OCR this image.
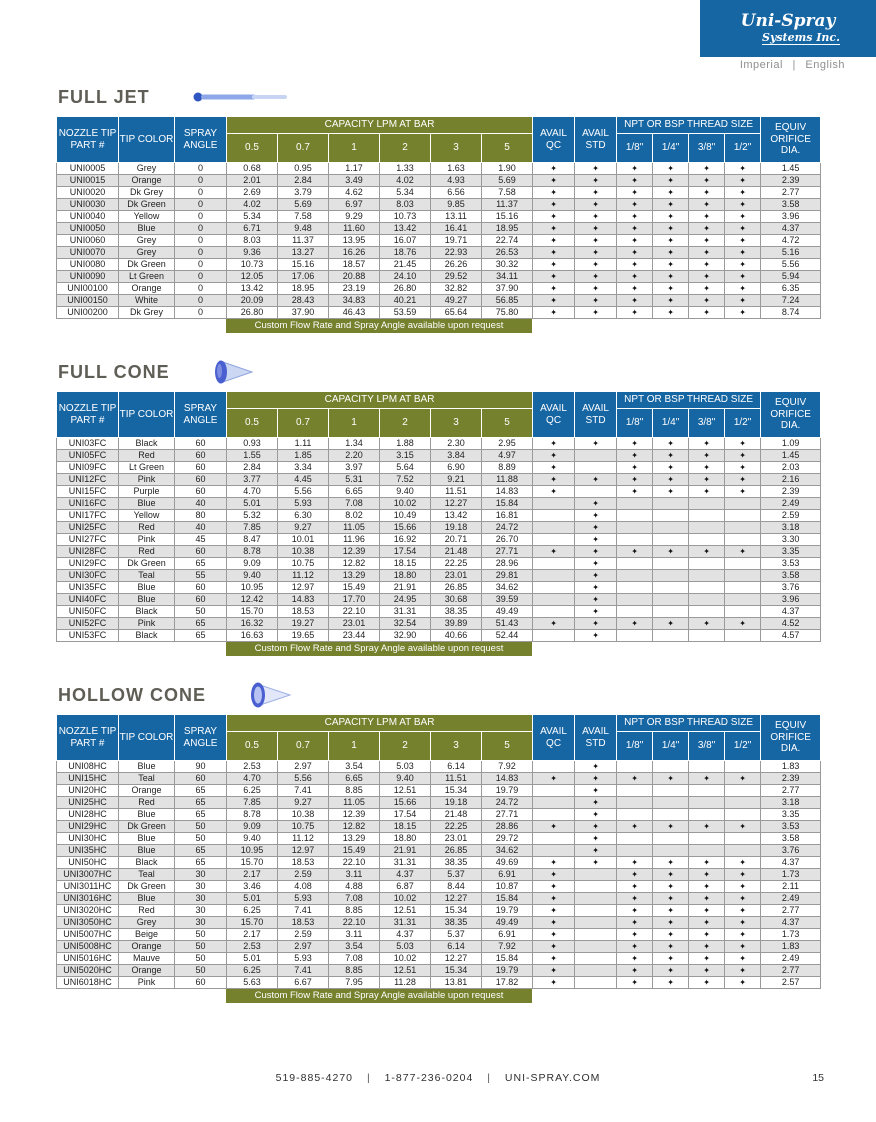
Uni-Spray
Systems Inc.
Imperial | English
FULL JET
NOZZLE TIP PART #	TIP COLOR	SPRAY ANGLE	CAPACITY LPM AT BAR						AVAIL QC	AVAIL STD	NPT OR BSP THREAD SIZE				EQUIV ORIFICE DIA.
			0.5	0.7	1	2	3	5			1/8"	1/4"	3/8"	1/2"	
UNI0005	Grey	0	0.68	0.95	1.17	1.33	1.63	1.90	✦	✦	✦	✦	✦	✦	1.45
UNI0015	Orange	0	2.01	2.84	3.49	4.02	4.93	5.69	✦	✦	✦	✦	✦	✦	2.39
UNI0020	Dk Grey	0	2.69	3.79	4.62	5.34	6.56	7.58	✦	✦	✦	✦	✦	✦	2.77
UNI0030	Dk Green	0	4.02	5.69	6.97	8.03	9.85	11.37	✦	✦	✦	✦	✦	✦	3.58
UNI0040	Yellow	0	5.34	7.58	9.29	10.73	13.11	15.16	✦	✦	✦	✦	✦	✦	3.96
UNI0050	Blue	0	6.71	9.48	11.60	13.42	16.41	18.95	✦	✦	✦	✦	✦	✦	4.37
UNI0060	Grey	0	8.03	11.37	13.95	16.07	19.71	22.74	✦	✦	✦	✦	✦	✦	4.72
UNI0070	Grey	0	9.36	13.27	16.26	18.76	22.93	26.53	✦	✦	✦	✦	✦	✦	5.16
UNI0080	Dk Green	0	10.73	15.16	18.57	21.45	26.26	30.32	✦	✦	✦	✦	✦	✦	5.56
UNI0090	Lt Green	0	12.05	17.06	20.88	24.10	29.52	34.11	✦	✦	✦	✦	✦	✦	5.94
UNI00100	Orange	0	13.42	18.95	23.19	26.80	32.82	37.90	✦	✦	✦	✦	✦	✦	6.35
UNI00150	White	0	20.09	28.43	34.83	40.21	49.27	56.85	✦	✦	✦	✦	✦	✦	7.24
UNI00200	Dk Grey	0	26.80	37.90	46.43	53.59	65.64	75.80	✦	✦	✦	✦	✦	✦	8.74
Custom Flow Rate and Spray Angle available upon request
FULL CONE
NOZZLE TIP PART #	TIP COLOR	SPRAY ANGLE	CAPACITY LPM AT BAR						AVAIL QC	AVAIL STD	NPT OR BSP THREAD SIZE				EQUIV ORIFICE DIA.
			0.5	0.7	1	2	3	5			1/8"	1/4"	3/8"	1/2"	
UNI03FC	Black	60	0.93	1.11	1.34	1.88	2.30	2.95	✦	✦	✦	✦	✦	✦	1.09
UNI05FC	Red	60	1.55	1.85	2.20	3.15	3.84	4.97	✦		✦	✦	✦	✦	1.45
UNI09FC	Lt Green	60	2.84	3.34	3.97	5.64	6.90	8.89	✦		✦	✦	✦	✦	2.03
UNI12FC	Pink	60	3.77	4.45	5.31	7.52	9.21	11.88	✦	✦	✦	✦	✦	✦	2.16
UNI15FC	Purple	60	4.70	5.56	6.65	9.40	11.51	14.83	✦		✦	✦	✦	✦	2.39
UNI16FC	Blue	40	5.01	5.93	7.08	10.02	12.27	15.84		✦					2.49
UNI17FC	Yellow	80	5.32	6.30	8.02	10.49	13.42	16.81		✦					2.59
UNI25FC	Red	40	7.85	9.27	11.05	15.66	19.18	24.72		✦					3.18
UNI27FC	Pink	45	8.47	10.01	11.96	16.92	20.71	26.70		✦					3.30
UNI28FC	Red	60	8.78	10.38	12.39	17.54	21.48	27.71	✦	✦	✦	✦	✦	✦	3.35
UNI29FC	Dk Green	65	9.09	10.75	12.82	18.15	22.25	28.96		✦					3.53
UNI30FC	Teal	55	9.40	11.12	13.29	18.80	23.01	29.81		✦					3.58
UNI35FC	Blue	60	10.95	12.97	15.49	21.91	26.85	34.62		✦					3.76
UNI40FC	Blue	60	12.42	14.83	17.70	24.95	30.68	39.59		✦					3.96
UNI50FC	Black	50	15.70	18.53	22.10	31.31	38.35	49.49		✦					4.37
UNI52FC	Pink	65	16.32	19.27	23.01	32.54	39.89	51.43	✦	✦	✦	✦	✦	✦	4.52
UNI53FC	Black	65	16.63	19.65	23.44	32.90	40.66	52.44		✦					4.57
Custom Flow Rate and Spray Angle available upon request
HOLLOW CONE
NOZZLE TIP PART #	TIP COLOR	SPRAY ANGLE	CAPACITY LPM AT BAR						AVAIL QC	AVAIL STD	NPT OR BSP THREAD SIZE				EQUIV ORIFICE DIA.
			0.5	0.7	1	2	3	5			1/8"	1/4"	3/8"	1/2"	
UNI08HC	Blue	90	2.53	2.97	3.54	5.03	6.14	7.92		✦					1.83
UNI15HC	Teal	60	4.70	5.56	6.65	9.40	11.51	14.83	✦	✦	✦	✦	✦	✦	2.39
UNI20HC	Orange	65	6.25	7.41	8.85	12.51	15.34	19.79		✦					2.77
UNI25HC	Red	65	7.85	9.27	11.05	15.66	19.18	24.72		✦					3.18
UNI28HC	Blue	65	8.78	10.38	12.39	17.54	21.48	27.71		✦					3.35
UNI29HC	Dk Green	50	9.09	10.75	12.82	18.15	22.25	28.86	✦	✦	✦	✦	✦	✦	3.53
UNI30HC	Blue	50	9.40	11.12	13.29	18.80	23.01	29.72		✦					3.58
UNI35HC	Blue	65	10.95	12.97	15.49	21.91	26.85	34.62		✦					3.76
UNI50HC	Black	65	15.70	18.53	22.10	31.31	38.35	49.69	✦	✦	✦	✦	✦	✦	4.37
UNI3007HC	Teal	30	2.17	2.59	3.11	4.37	5.37	6.91	✦		✦	✦	✦	✦	1.73
UNI3011HC	Dk Green	30	3.46	4.08	4.88	6.87	8.44	10.87	✦		✦	✦	✦	✦	2.11
UNI3016HC	Blue	30	5.01	5.93	7.08	10.02	12.27	15.84	✦		✦	✦	✦	✦	2.49
UNI3020HC	Red	30	6.25	7.41	8.85	12.51	15.34	19.79	✦		✦	✦	✦	✦	2.77
UNI3050HC	Grey	30	15.70	18.53	22.10	31.31	38.35	49.49	✦		✦	✦	✦	✦	4.37
UNI5007HC	Beige	50	2.17	2.59	3.11	4.37	5.37	6.91	✦		✦	✦	✦	✦	1.73
UNI5008HC	Orange	50	2.53	2.97	3.54	5.03	6.14	7.92	✦		✦	✦	✦	✦	1.83
UNI5016HC	Mauve	50	5.01	5.93	7.08	10.02	12.27	15.84	✦		✦	✦	✦	✦	2.49
UNI5020HC	Orange	50	6.25	7.41	8.85	12.51	15.34	19.79	✦		✦	✦	✦	✦	2.77
UNI6018HC	Pink	60	5.63	6.67	7.95	11.28	13.81	17.82	✦		✦	✦	✦	✦	2.57
Custom Flow Rate and Spray Angle available upon request
519-885-4270 | 1-877-236-0204 | UNI-SPRAY.COM	15
